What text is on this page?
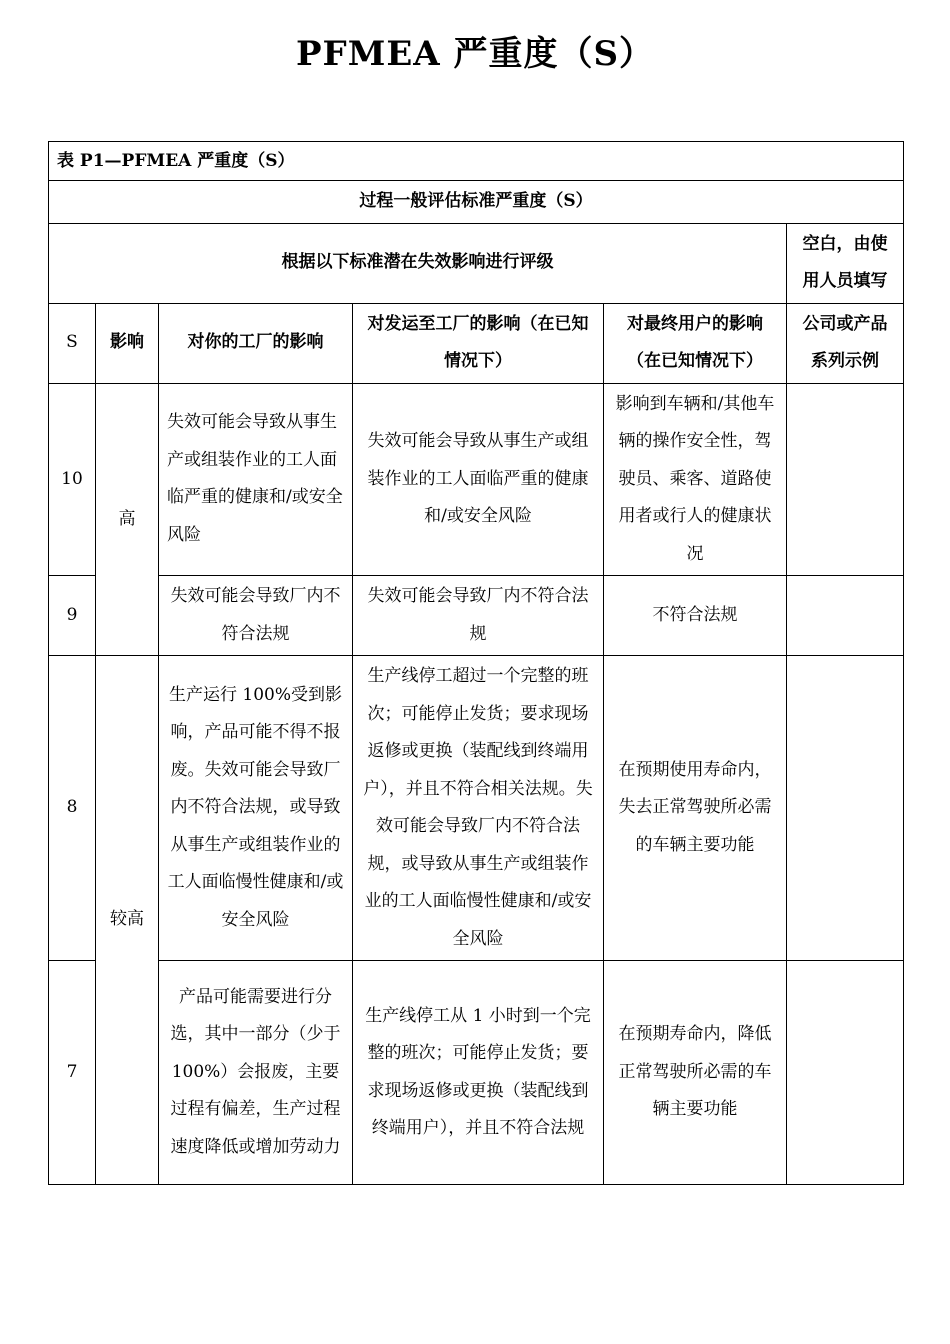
PFMEA 严重度（S）
表 P1—PFMEA 严重度（S）					
过程一般评估标准严重度（S）					
根据以下标准潜在失效影响进行评级					空白，由使用人员填写
S	影响	对你的工厂的影响	对发运至工厂的影响（在已知情况下）	对最终用户的影响（在已知情况下）	公司或产品系列示例
10	高	失效可能会导致从事生产或组装作业的工人面临严重的健康和/或安全风险	失效可能会导致从事生产或组装作业的工人面临严重的健康和/或安全风险	影响到车辆和/其他车辆的操作安全性，驾驶员、乘客、道路使用者或行人的健康状况	
9		失效可能会导致厂内不符合法规	失效可能会导致厂内不符合法规	不符合法规	
8	较高	生产运行 100%受到影响，产品可能不得不报废。失效可能会导致厂内不符合法规，或导致从事生产或组装作业的工人面临慢性健康和/或安全风险	生产线停工超过一个完整的班次；可能停止发货；要求现场返修或更换（装配线到终端用户），并且不符合相关法规。失效可能会导致厂内不符合法规，或导致从事生产或组装作业的工人面临慢性健康和/或安全风险	在预期使用寿命内，失去正常驾驶所必需的车辆主要功能	
7		产品可能需要进行分选，其中一部分（少于 100%）会报废，主要过程有偏差，生产过程速度降低或增加劳动力	生产线停工从 1 小时到一个完整的班次；可能停止发货；要求现场返修或更换（装配线到终端用户），并且不符合法规	在预期寿命内，降低正常驾驶所必需的车辆主要功能	
